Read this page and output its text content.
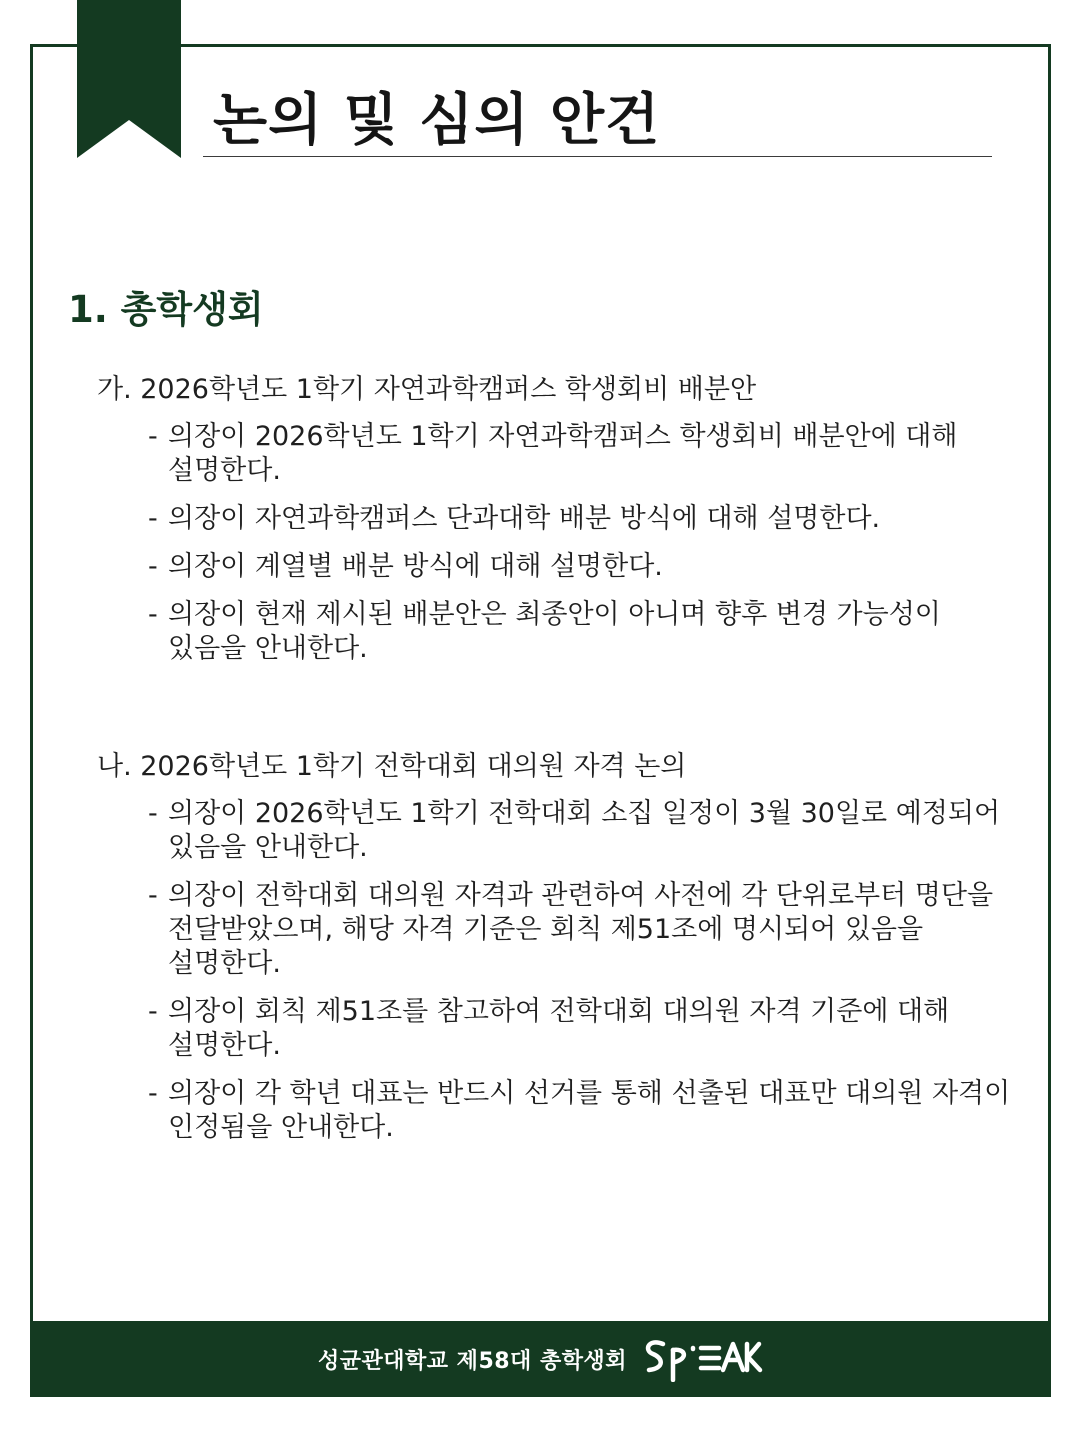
논의 및 심의 안건
1. 총학생회

가. 2026학년도 1학기 자연과학캠퍼스 학생회비 배분안

- 의장이 2026학년도 1학기 자연과학캠퍼스 학생회비 배분안에 대해 설명한다.
- 의장이 자연과학캠퍼스 단과대학 배분 방식에 대해 설명한다.
- 의장이 계열별 배분 방식에 대해 설명한다.
- 의장이 현재 제시된 배분안은 최종안이 아니며 향후 변경 가능성이 있음을 안내한다.

나. 2026학년도 1학기 전학대회 대의원 자격 논의

- 의장이 2026학년도 1학기 전학대회 소집 일정이 3월 30일로 예정되어 있음을 안내한다.
- 의장이 전학대회 대의원 자격과 관련하여 사전에 각 단위로부터 명단을 전달받았으며, 해당 자격 기준은 회칙 제51조에 명시되어 있음을 설명한다.
- 의장이 회칙 제51조를 참고하여 전학대회 대의원 자격 기준에 대해 설명한다.
- 의장이 각 학년 대표는 반드시 선거를 통해 선출된 대표만 대의원 자격이 인정됨을 안내한다.
성균관대학교 제58대 총학생회
